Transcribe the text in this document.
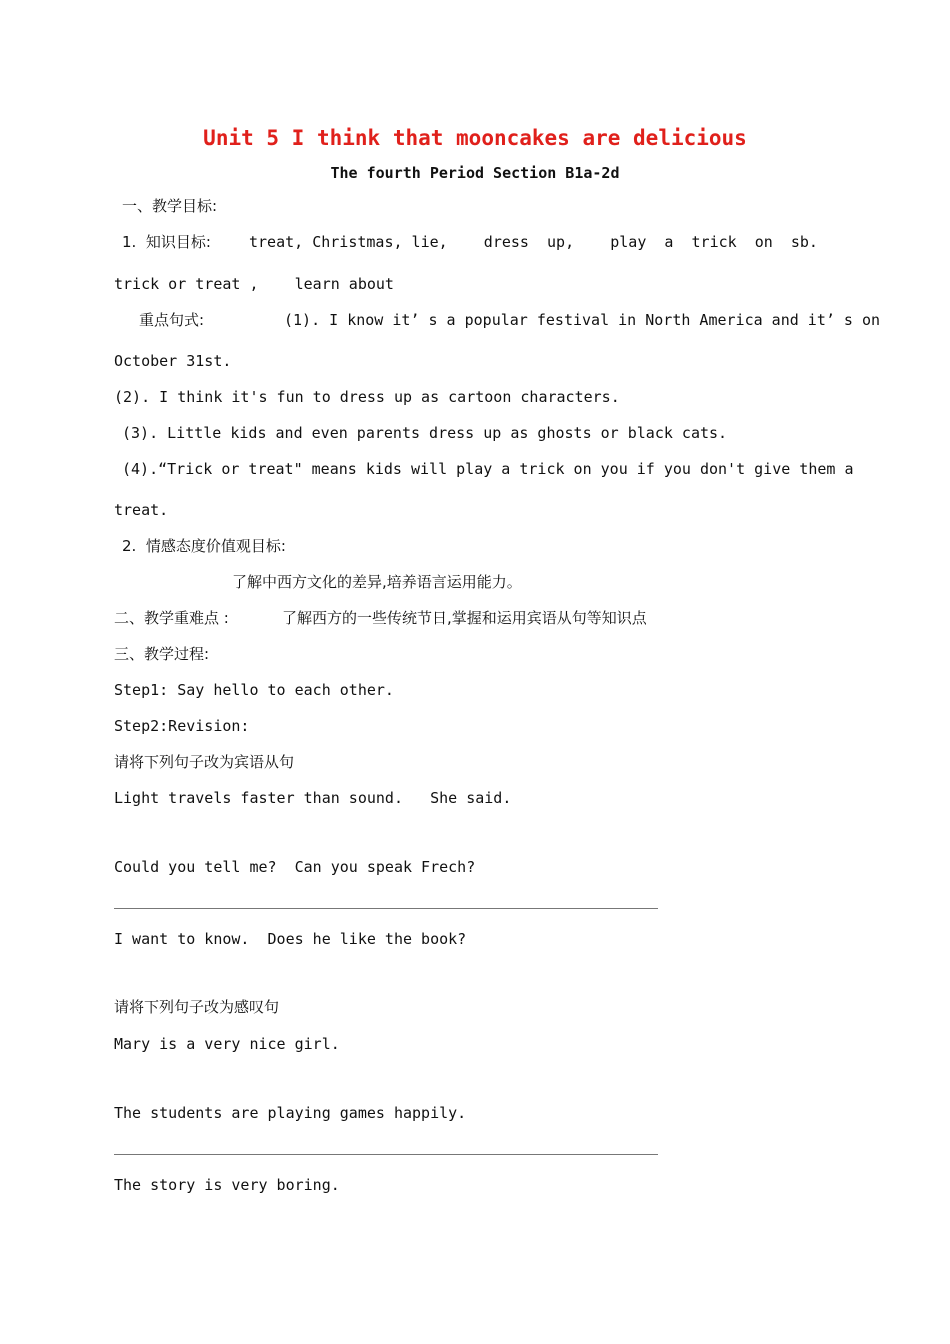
Unit 5 I think that mooncakes are delicious
The fourth Period Section B1a-2d
一、教学目标:
1.  知识目标:	treat, Christmas, lie,    dress  up,    play  a  trick  on  sb.
trick or treat ,    learn about
重点句式:	(1). I know it’ s a popular festival in North America and it’ s on
October 31st.
(2). I think it's fun to dress up as cartoon characters.
(3). Little kids and even parents dress up as ghosts or black cats.
(4).“Trick or treat" means kids will play a trick on you if you don't give them a
treat.
2.  情感态度价值观目标:
了解中西方文化的差异,培养语言运用能力。
二、教学重难点 :	了解西方的一些传统节日,掌握和运用宾语从句等知识点
三、教学过程:
Step1: Say hello to each other.
Step2:Revision:
请将下列句子改为宾语从句
Light travels faster than sound.   She said.
Could you tell me?  Can you speak Frech?
I want to know.  Does he like the book?
请将下列句子改为感叹句
Mary is a very nice girl.
The students are playing games happily.
The story is very boring.
